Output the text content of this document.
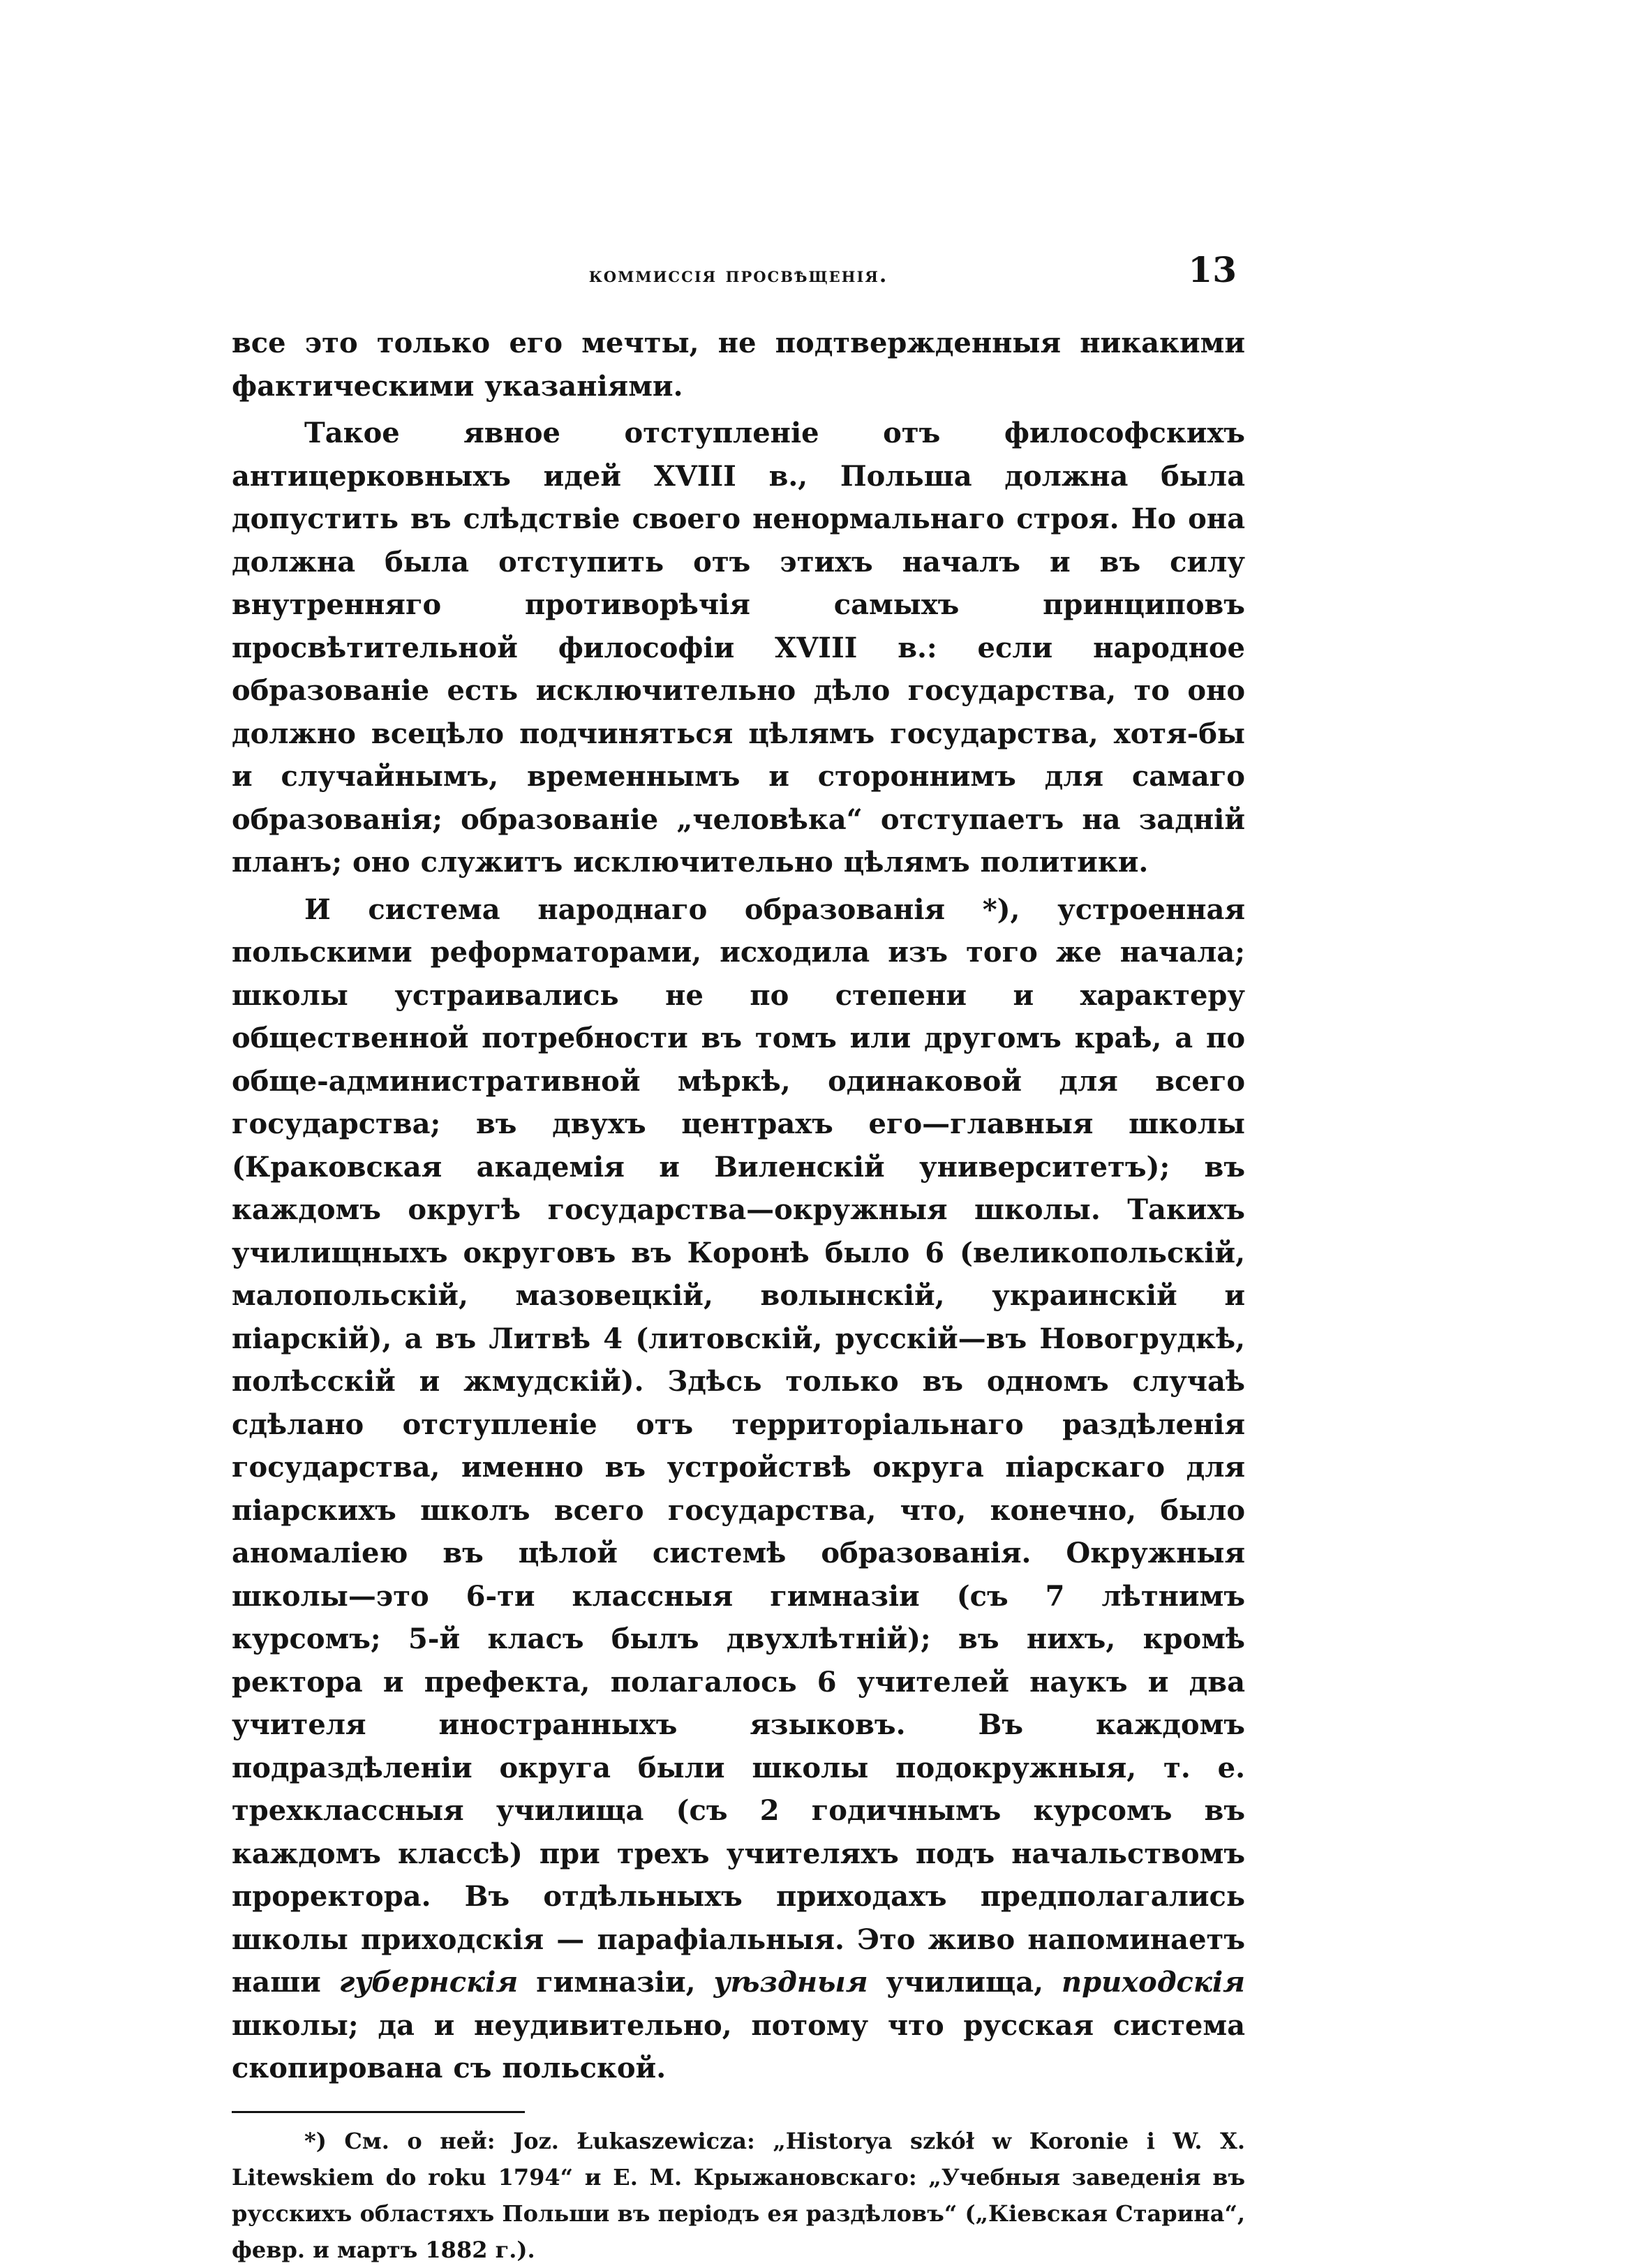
коммиссія просвѣщенія.	13

все это только его мечты, не подтвержденныя никакими фактическими указаніями.

Такое явное отступленіе отъ философскихъ антицерковныхъ идей XVIII в., Польша должна была допустить въ слѣдствіе своего ненормальнаго строя. Но она должна была отступить отъ этихъ началъ и въ силу внутренняго противорѣчія самыхъ принциповъ просвѣтительной философіи XVIII в.: если народное образованіе есть исключительно дѣло государства, то оно должно всецѣло подчиняться цѣлямъ государства, хотя-бы и случайнымъ, временнымъ и стороннимъ для самаго образованія; образованіе „человѣка“ отступаетъ на задній планъ; оно служитъ исключительно цѣлямъ политики.

И система народнаго образованія *), устроенная польскими реформаторами, исходила изъ того же начала; школы устраивались не по степени и характеру общественной потребности въ томъ или другомъ краѣ, а по обще-административной мѣркѣ, одинаковой для всего государства; въ двухъ центрахъ его—главныя школы (Краковская академія и Виленскій университетъ); въ каждомъ округѣ государства—окружныя школы. Такихъ училищныхъ округовъ въ Коронѣ было 6 (великопольскій, малопольскій, мазовецкій, волынскій, украинскій и піарскій), а въ Литвѣ 4 (литовскій, русскій—въ Новогрудкѣ, полѣсскій и жмудскій). Здѣсь только въ одномъ случаѣ сдѣлано отступленіе отъ территоріальнаго раздѣленія государства, именно въ устройствѣ округа піарскаго для піарскихъ школъ всего государства, что, конечно, было аномаліею въ цѣлой системѣ образованія. Окружныя школы—это 6-ти классныя гимназіи (съ 7 лѣтнимъ курсомъ; 5-й класъ былъ двухлѣтній); въ нихъ, кромѣ ректора и префекта, полагалось 6 учителей наукъ и два учителя иностранныхъ языковъ. Въ каждомъ подраздѣленіи округа были школы подокружныя, т. е. трехклассныя училища (съ 2 годичнымъ курсомъ въ каждомъ классѣ) при трехъ учителяхъ подъ начальствомъ проректора. Въ отдѣльныхъ приходахъ предполагались школы приходскія — парафіальныя. Это живо напоминаетъ наши губернскія гимназіи, уѣздныя училища, приходскія школы; да и неудивительно, потому что русская система скопирована съ польской.

*) См. о ней: Joz. Łukaszewicza: „Historya szkół w Koronie i W. X. Litewskiem do roku 1794“ и Е. М. Крыжановскаго: „Учебныя заведенія въ русскихъ областяхъ Польши въ періодъ ея раздѣловъ“ („Кіевская Старина“, февр. и мартъ 1882 г.).
